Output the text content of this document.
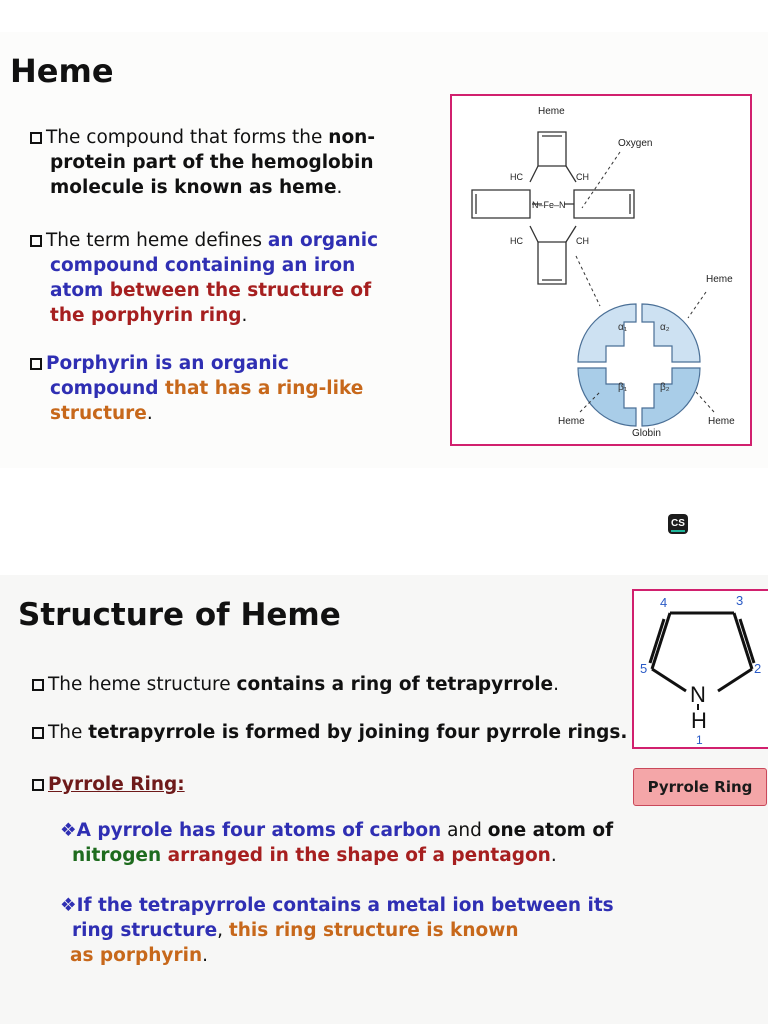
Heme

The compound that forms the non-
protein part of the hemoglobin
molecule is known as heme.

The term heme defines an organic
compound containing an iron
atom between the structure of
the porphyrin ring.

Porphyrin is an organic
compound that has a ring-like
structure.

Heme
Oxygen
HC	CH
N–Fe–N
HC	CH
α₁	α₂
β₁	β₂
Heme
Heme
Globin
Heme
CS
Structure of Heme

The heme structure contains a ring of tetrapyrrole.

The tetrapyrrole is formed by joining four pyrrole rings.

Pyrrole Ring:

❖A pyrrole has four atoms of carbon and one atom of
nitrogen arranged in the shape of a pentagon.

❖If the tetrapyrrole contains a metal ion between its
ring structure, this ring structure is known
as porphyrin.

4	3
5	2
N
H
1
Pyrrole Ring
